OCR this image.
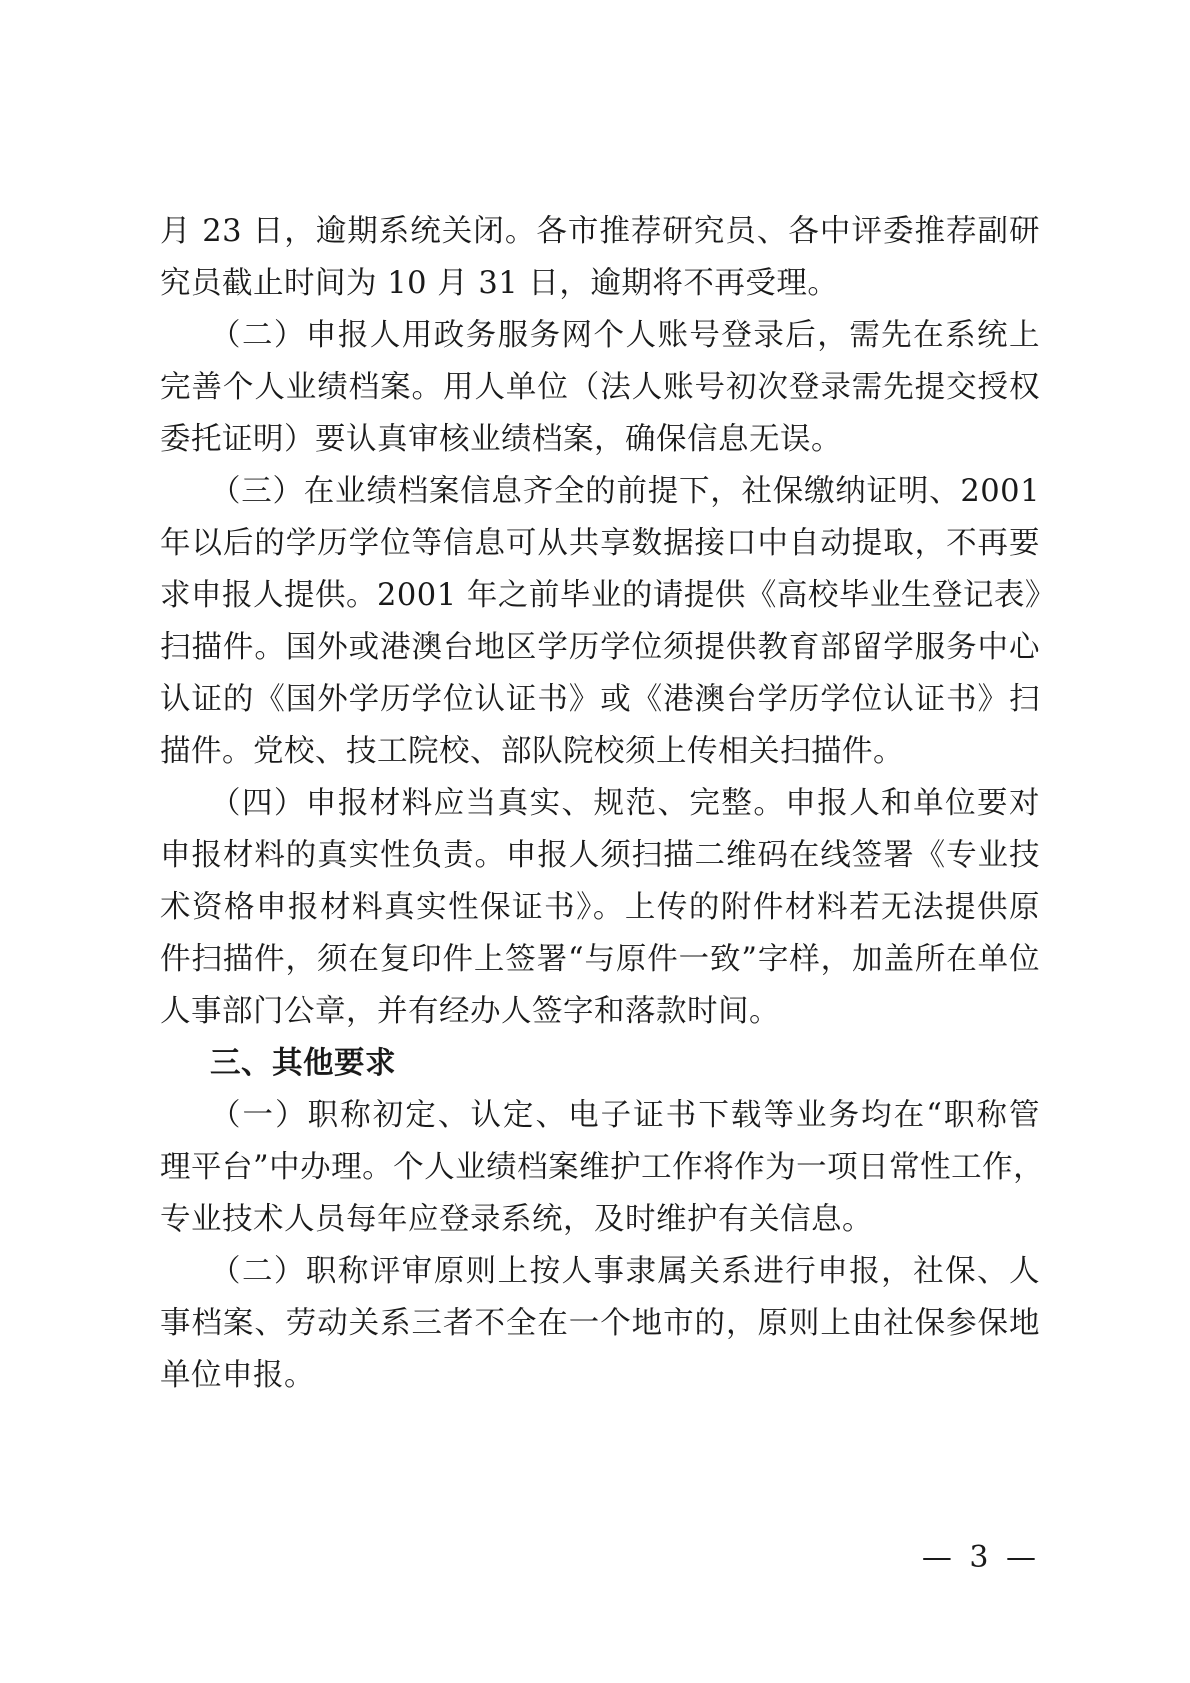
月 23 日，逾期系统关闭。各市推荐研究员、各中评委推荐副研
究员截止时间为 10 月 31 日，逾期将不再受理。
（二）申报人用政务服务网个人账号登录后，需先在系统上
完善个人业绩档案。用人单位（法人账号初次登录需先提交授权
委托证明）要认真审核业绩档案，确保信息无误。
（三）在业绩档案信息齐全的前提下，社保缴纳证明、2001
年以后的学历学位等信息可从共享数据接口中自动提取，不再要
求申报人提供。2001 年之前毕业的请提供《高校毕业生登记表》
扫描件。国外或港澳台地区学历学位须提供教育部留学服务中心
认证的《国外学历学位认证书》或《港澳台学历学位认证书》扫
描件。党校、技工院校、部队院校须上传相关扫描件。
（四）申报材料应当真实、规范、完整。申报人和单位要对
申报材料的真实性负责。申报人须扫描二维码在线签署《专业技
术资格申报材料真实性保证书》。上传的附件材料若无法提供原
件扫描件，须在复印件上签署“与原件一致”字样，加盖所在单位
人事部门公章，并有经办人签字和落款时间。
三、其他要求
（一）职称初定、认定、电子证书下载等业务均在“职称管
理平台”中办理。个人业绩档案维护工作将作为一项日常性工作，
专业技术人员每年应登录系统，及时维护有关信息。
（二）职称评审原则上按人事隶属关系进行申报，社保、人
事档案、劳动关系三者不全在一个地市的，原则上由社保参保地
单位申报。
— 3 —
